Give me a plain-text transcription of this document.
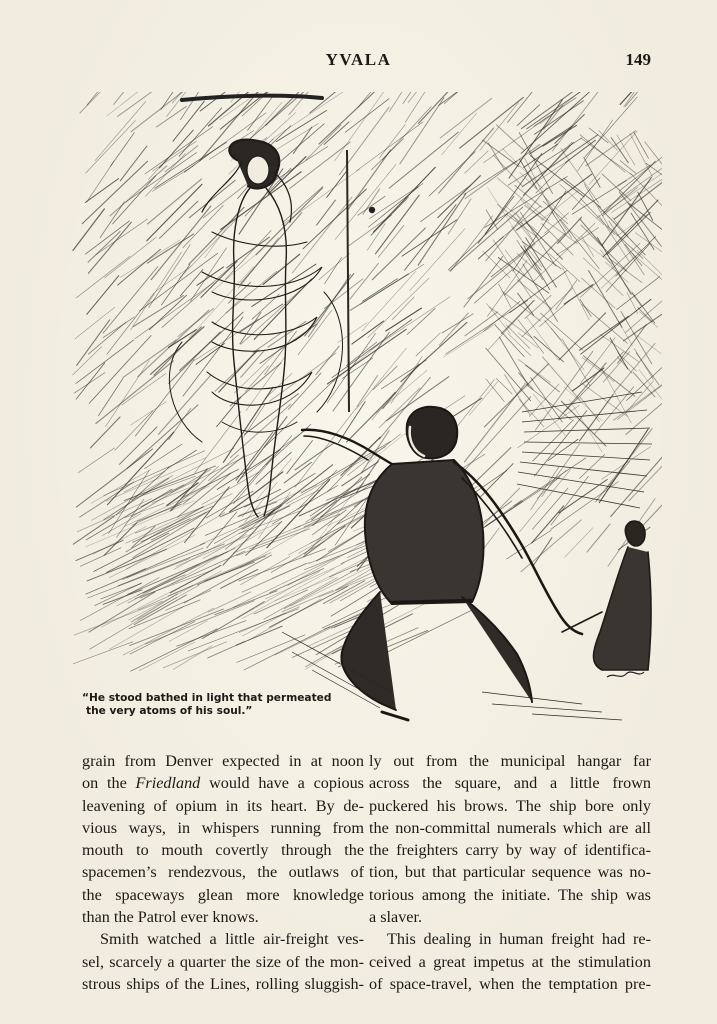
YVALA	149
“He stood bathed in light that permeated
the very atoms of his soul.”
grain from Denver expected in at noon
on the Friedland would have a copious
leavening of opium in its heart. By de-
vious ways, in whispers running from
mouth to mouth covertly through the
spacemen’s rendezvous, the outlaws of
the spaceways glean more knowledge
than the Patrol ever knows.
Smith watched a little air-freight ves-
sel, scarcely a quarter the size of the mon-
strous ships of the Lines, rolling sluggish-
ly out from the municipal hangar far
across the square, and a little frown
puckered his brows. The ship bore only
the non-committal numerals which are all
the freighters carry by way of identifica-
tion, but that particular sequence was no-
torious among the initiate. The ship was
a slaver.
This dealing in human freight had re-
ceived a great impetus at the stimulation
of space-travel, when the temptation pre-
